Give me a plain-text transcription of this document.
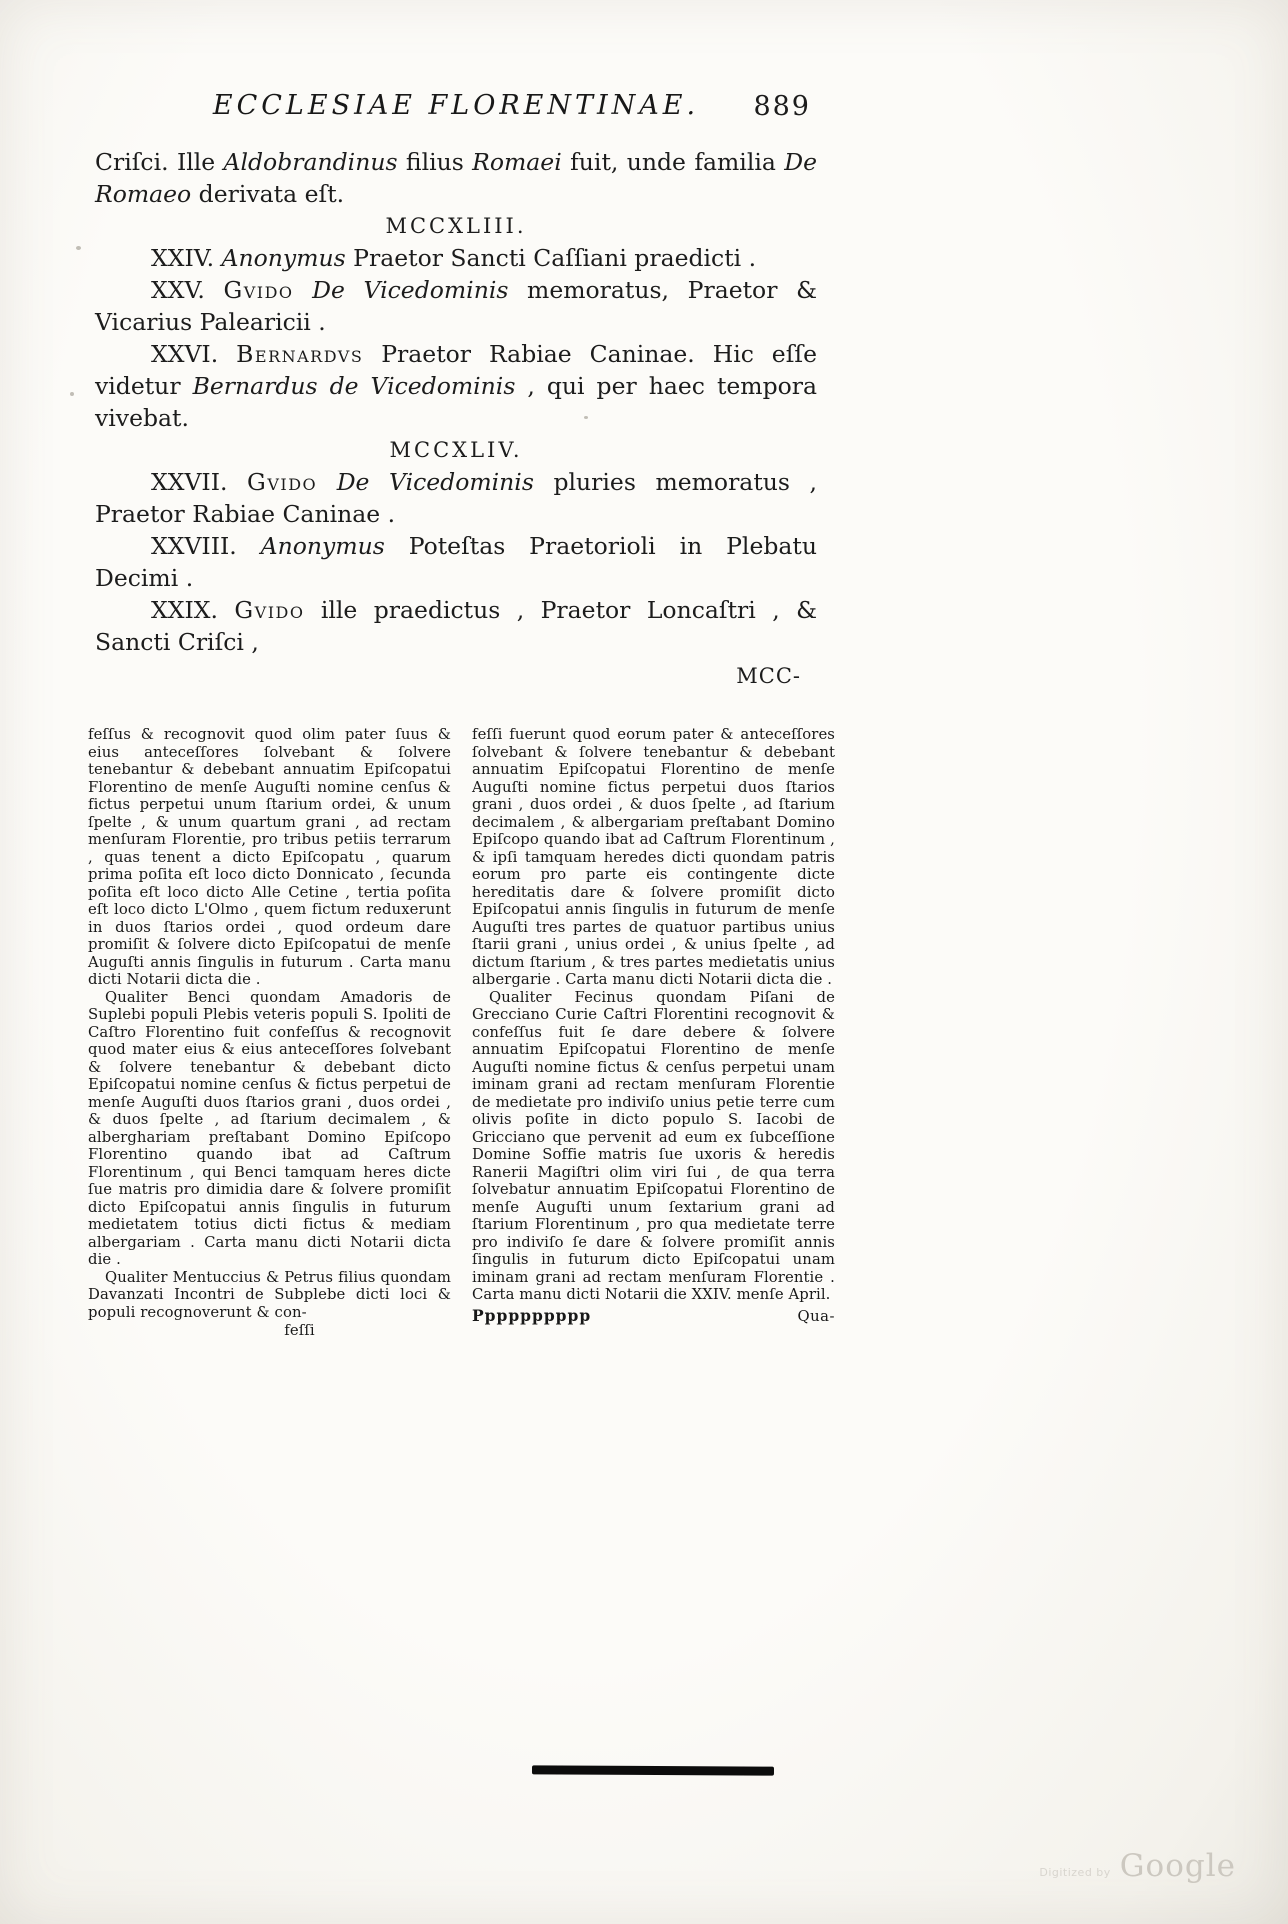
ECCLESIAE FLORENTINAE. 889

Criſci. Ille Aldobrandinus filius Romaei fuit, unde familia De Romaeo derivata eſt.

MCCXLIII.

XXIV. Anonymus Praetor Sancti Caſſiani praedicti .

XXV. Gvido De Vicedominis memoratus, Praetor & Vicarius Palearicii .

XXVI. Bernardvs Praetor Rabiae Caninae. Hic eſſe videtur Bernardus de Vicedominis , qui per haec tempora vivebat.

MCCXLIV.

XXVII. Gvido De Vicedominis pluries memoratus , Praetor Rabiae Caninae .

XXVIII. Anonymus Poteſtas Praetorioli in Plebatu Decimi .

XXIX. Gvido ille praedictus , Praetor Loncaſtri , & Sancti Criſci ,

MCC-

feſſus & recognovit quod olim pater ſuus & eius anteceſſores ſolvebant & ſolvere tenebantur & debebant annuatim Epiſcopatui Florentino de menſe Auguſti nomine cenſus & fictus perpetui unum ſtarium ordei, & unum ſpelte , & unum quartum grani , ad rectam menſuram Florentie, pro tribus petiis terrarum , quas tenent a dicto Epiſcopatu , quarum prima poſita eſt loco dicto Donnicato , ſecunda poſita eſt loco dicto Alle Cetine , tertia poſita eſt loco dicto L'Olmo , quem fictum reduxerunt in duos ſtarios ordei , quod ordeum dare promiſit & ſolvere dicto Epiſcopatui de menſe Auguſti annis ſingulis in futurum . Carta manu dicti Notarii dicta die .

Qualiter Benci quondam Amadoris de Suplebi populi Plebis veteris populi S. Ipoliti de Caſtro Florentino fuit confeſſus & recognovit quod mater eius & eius anteceſſores ſolvebant & ſolvere tenebantur & debebant dicto Epiſcopatui nomine cenſus & fictus perpetui de menſe Auguſti duos ſtarios grani , duos ordei , & duos ſpelte , ad ſtarium decimalem , & alberghariam preſtabant Domino Epiſcopo Florentino quando ibat ad Caſtrum Florentinum , qui Benci tamquam heres dicte ſue matris pro dimidia dare & ſolvere promiſit dicto Epiſcopatui annis ſingulis in futurum medietatem totius dicti fictus & mediam albergariam . Carta manu dicti Notarii dicta die .

Qualiter Mentuccius & Petrus filius quondam Davanzati Incontri de Subplebe dicti loci & populi recognoverunt & con-

feſſi

feſſi fuerunt quod eorum pater & anteceſſores ſolvebant & ſolvere tenebantur & debebant annuatim Epiſcopatui Florentino de menſe Auguſti nomine fictus perpetui duos ſtarios grani , duos ordei , & duos ſpelte , ad ſtarium decimalem , & albergariam preſtabant Domino Epiſcopo quando ibat ad Caſtrum Florentinum , & ipſi tamquam heredes dicti quondam patris eorum pro parte eis contingente dicte hereditatis dare & ſolvere promiſit dicto Epiſcopatui annis ſingulis in futurum de menſe Auguſti tres partes de quatuor partibus unius ſtarii grani , unius ordei , & unius ſpelte , ad dictum ſtarium , & tres partes medietatis unius albergarie . Carta manu dicti Notarii dicta die .

Qualiter Fecinus quondam Piſani de Grecciano Curie Caſtri Florentini recognovit & confeſſus fuit ſe dare debere & ſolvere annuatim Epiſcopatui Florentino de menſe Auguſti nomine fictus & cenſus perpetui unam iminam grani ad rectam menſuram Florentie de medietate pro indiviſo unius petie terre cum olivis poſite in dicto populo S. Iacobi de Gricciano que pervenit ad eum ex ſubceſſione Domine Soffie matris ſue uxoris & heredis Ranerii Magiſtri olim viri ſui , de qua terra ſolvebatur annuatim Epiſcopatui Florentino de menſe Auguſti unum ſextarium grani ad ſtarium Florentinum , pro qua medietate terre pro indiviſo ſe dare & ſolvere promiſit annis ſingulis in futurum dicto Epiſcopatui unam iminam grani ad rectam menſuram Florentie . Carta manu dicti Notarii die XXIV. menſe April.

Pppppppppp	Qua-
Digitized by Google
